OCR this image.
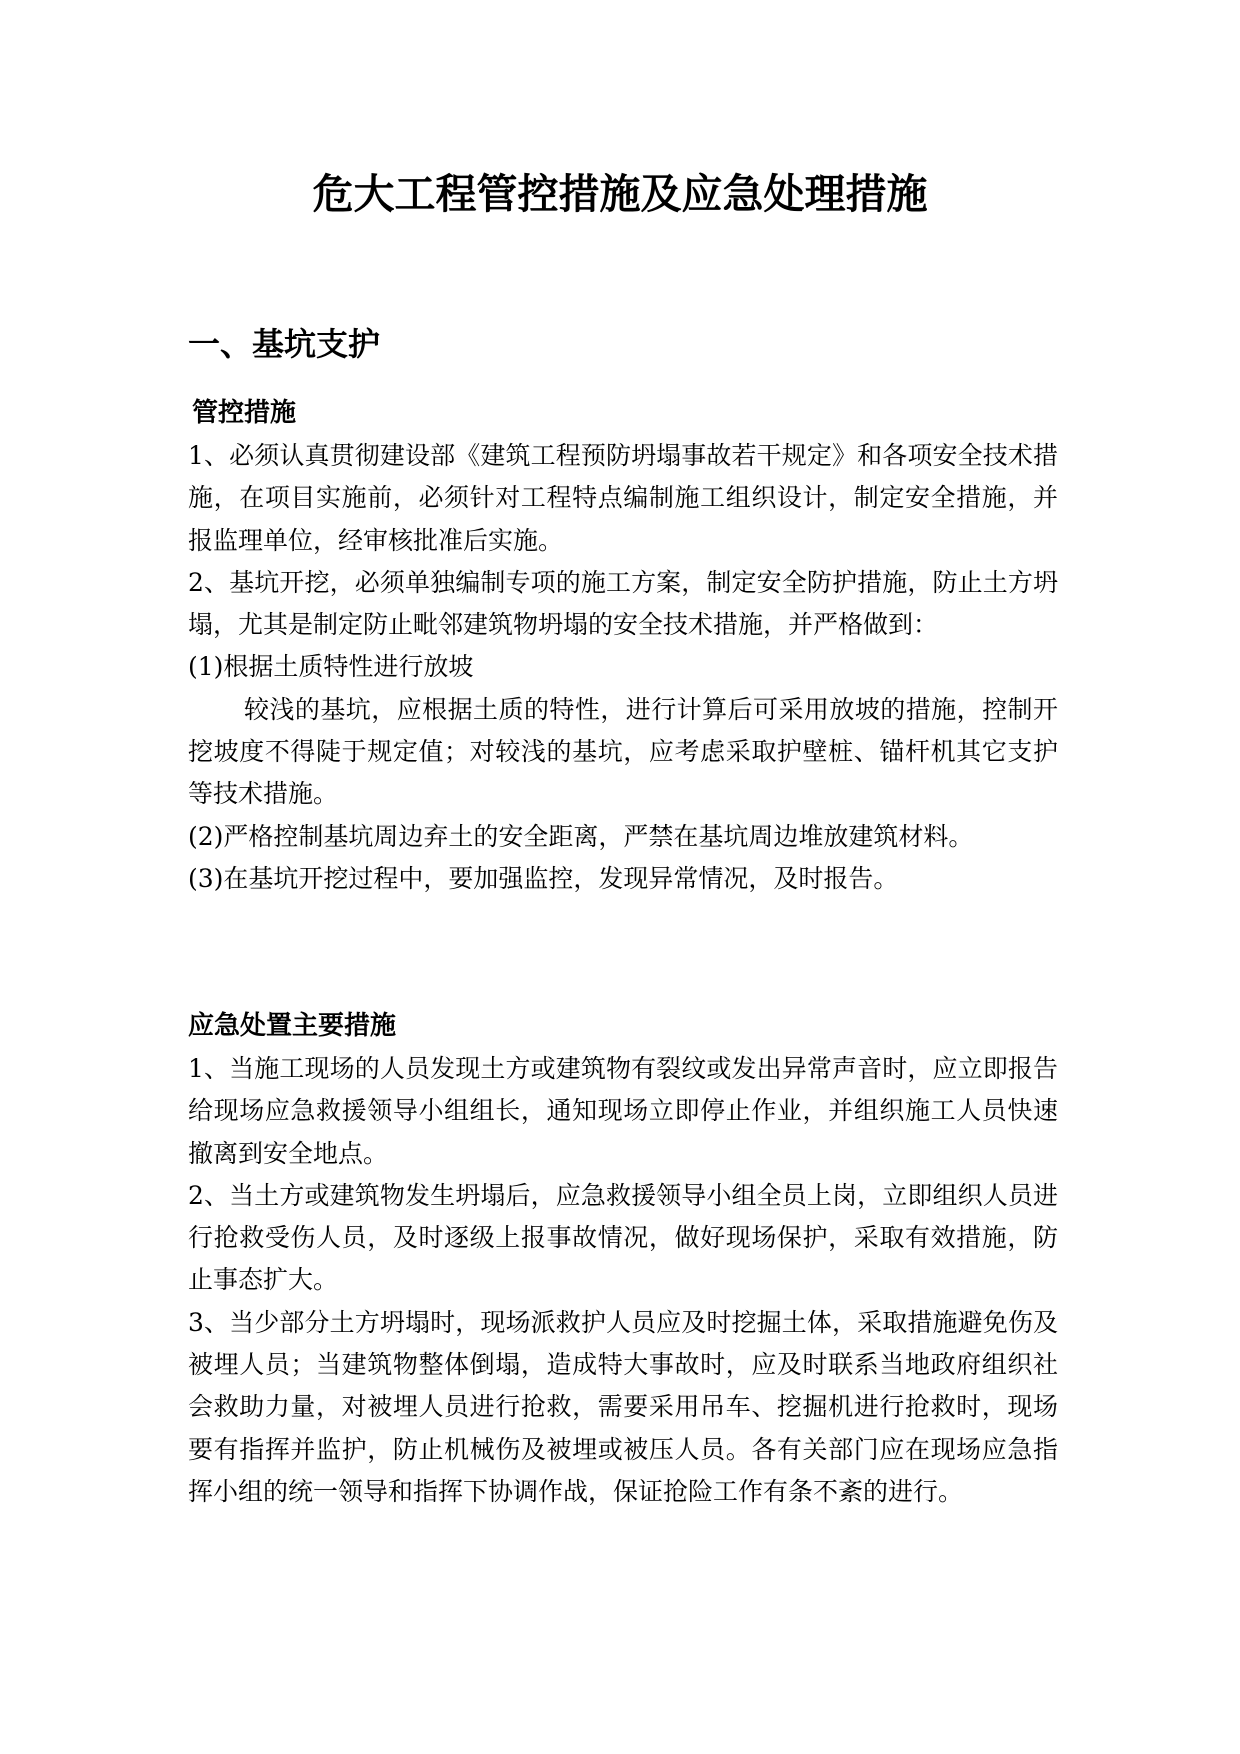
危大工程管控措施及应急处理措施
一、基坑支护
管控措施

1、必须认真贯彻建设部《建筑工程预防坍塌事故若干规定》和各项安全技术措施，在项目实施前，必须针对工程特点编制施工组织设计，制定安全措施，并报监理单位，经审核批准后实施。

2、基坑开挖，必须单独编制专项的施工方案，制定安全防护措施，防止土方坍塌，尤其是制定防止毗邻建筑物坍塌的安全技术措施，并严格做到：

(1)根据土质特性进行放坡

较浅的基坑，应根据土质的特性，进行计算后可采用放坡的措施，控制开挖坡度不得陡于规定值；对较浅的基坑，应考虑采取护壁桩、锚杆机其它支护等技术措施。

(2)严格控制基坑周边弃土的安全距离，严禁在基坑周边堆放建筑材料。

(3)在基坑开挖过程中，要加强监控，发现异常情况，及时报告。

应急处置主要措施

1、当施工现场的人员发现土方或建筑物有裂纹或发出异常声音时，应立即报告给现场应急救援领导小组组长，通知现场立即停止作业，并组织施工人员快速撤离到安全地点。

2、当土方或建筑物发生坍塌后，应急救援领导小组全员上岗，立即组织人员进行抢救受伤人员，及时逐级上报事故情况，做好现场保护，采取有效措施，防止事态扩大。

3、当少部分土方坍塌时，现场派救护人员应及时挖掘土体，采取措施避免伤及被埋人员；当建筑物整体倒塌，造成特大事故时，应及时联系当地政府组织社会救助力量，对被埋人员进行抢救，需要采用吊车、挖掘机进行抢救时，现场要有指挥并监护，防止机械伤及被埋或被压人员。各有关部门应在现场应急指挥小组的统一领导和指挥下协调作战，保证抢险工作有条不紊的进行。
